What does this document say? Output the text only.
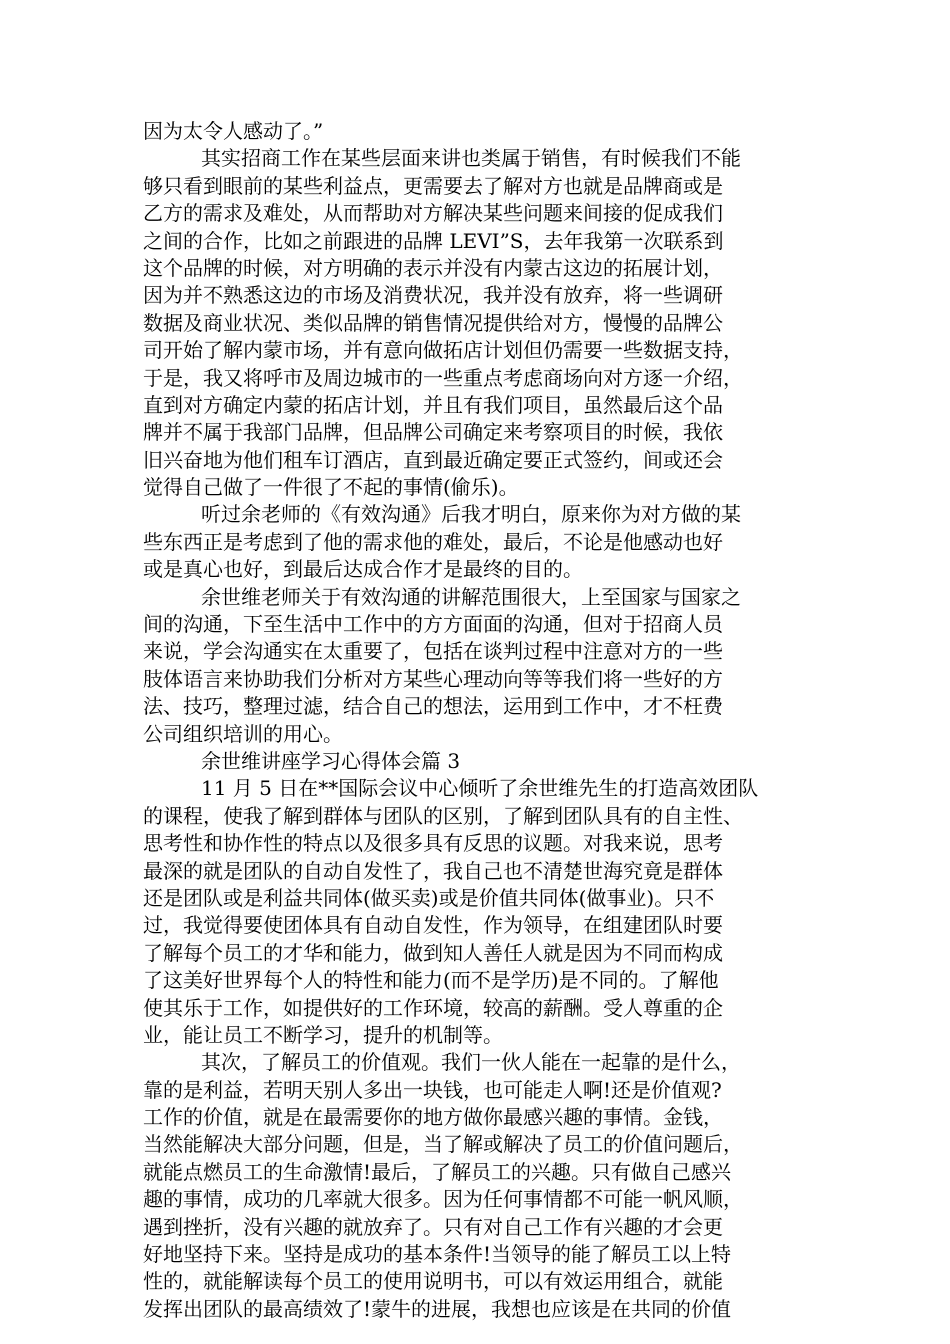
因为太令人感动了。”
其实招商工作在某些层面来讲也类属于销售，有时候我们不能
够只看到眼前的某些利益点，更需要去了解对方也就是品牌商或是
乙方的需求及难处，从而帮助对方解决某些问题来间接的促成我们
之间的合作，比如之前跟进的品牌 LEVI”S，去年我第一次联系到
这个品牌的时候，对方明确的表示并没有内蒙古这边的拓展计划，
因为并不熟悉这边的市场及消费状况，我并没有放弃，将一些调研
数据及商业状况、类似品牌的销售情况提供给对方，慢慢的品牌公
司开始了解内蒙市场，并有意向做拓店计划但仍需要一些数据支持，
于是，我又将呼市及周边城市的一些重点考虑商场向对方逐一介绍，
直到对方确定内蒙的拓店计划，并且有我们项目，虽然最后这个品
牌并不属于我部门品牌，但品牌公司确定来考察项目的时候，我依
旧兴奋地为他们租车订酒店，直到最近确定要正式签约，间或还会
觉得自己做了一件很了不起的事情(偷乐)。
听过余老师的《有效沟通》后我才明白，原来你为对方做的某
些东西正是考虑到了他的需求他的难处，最后，不论是他感动也好
或是真心也好，到最后达成合作才是最终的目的。
余世维老师关于有效沟通的讲解范围很大，上至国家与国家之
间的沟通，下至生活中工作中的方方面面的沟通，但对于招商人员
来说，学会沟通实在太重要了，包括在谈判过程中注意对方的一些
肢体语言来协助我们分析对方某些心理动向等等我们将一些好的方
法、技巧，整理过滤，结合自己的想法，运用到工作中，才不枉费
公司组织培训的用心。
余世维讲座学习心得体会篇 3
11 月 5 日在**国际会议中心倾听了余世维先生的打造高效团队
的课程，使我了解到群体与团队的区别，了解到团队具有的自主性、
思考性和协作性的特点以及很多具有反思的议题。对我来说，思考
最深的就是团队的自动自发性了，我自己也不清楚世海究竟是群体
还是团队或是利益共同体(做买卖)或是价值共同体(做事业)。只不
过，我觉得要使团体具有自动自发性，作为领导，在组建团队时要
了解每个员工的才华和能力，做到知人善任人就是因为不同而构成
了这美好世界每个人的特性和能力(而不是学历)是不同的。了解他
使其乐于工作，如提供好的工作环境，较高的薪酬。受人尊重的企
业，能让员工不断学习，提升的机制等。
其次，了解员工的价值观。我们一伙人能在一起靠的是什么，
靠的是利益，若明天别人多出一块钱，也可能走人啊!还是价值观?
工作的价值，就是在最需要你的地方做你最感兴趣的事情。金钱，
当然能解决大部分问题，但是，当了解或解决了员工的价值问题后，
就能点燃员工的生命激情!最后，了解员工的兴趣。只有做自己感兴
趣的事情，成功的几率就大很多。因为任何事情都不可能一帆风顺，
遇到挫折，没有兴趣的就放弃了。只有对自己工作有兴趣的才会更
好地坚持下来。坚持是成功的基本条件!当领导的能了解员工以上特
性的，就能解读每个员工的使用说明书，可以有效运用组合，就能
发挥出团队的最高绩效了!蒙牛的进展，我想也应该是在共同的价值
